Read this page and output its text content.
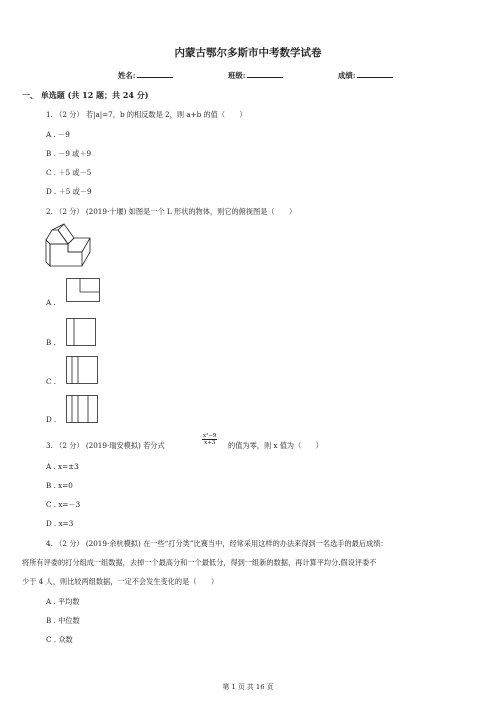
内蒙古鄂尔多斯市中考数学试卷
姓名:	班级:	成绩:
一、 单选题 (共 12 题；共 24 分)
1. （2 分） 若|a|=7，b 的相反数是 2，则 a+b 的值（　　）
A . －9
B . －9 或＋9
C . ＋5 或－5
D . ＋5 或－9
2. （2 分） (2019·十堰) 如图是一个 L 形状的物体，则它的俯视图是（　　）
A .
B .
C .
D .
3. （2 分） (2019·瑞安模拟) 若分式	$\frac{\text{x²−9}}{x+3}$ 的值为零，则 x 值为（　　）
A . x=±3
B . x=0
C . x=－3
D . x=3
4. （2 分） (2019·余杭模拟) 在一些“打分类”比赛当中，经常采用这样的办法来得到一名选手的最后成绩：
将所有评委的打分组成一组数据，去掉一个最高分和一个最低分，得到一组新的数据，再计算平均分.假设评委不
少于 4 人，则比较两组数据，一定不会发生变化的是（　　）
A . 平均数
B . 中位数
C . 众数
第 1 页 共 16 页
